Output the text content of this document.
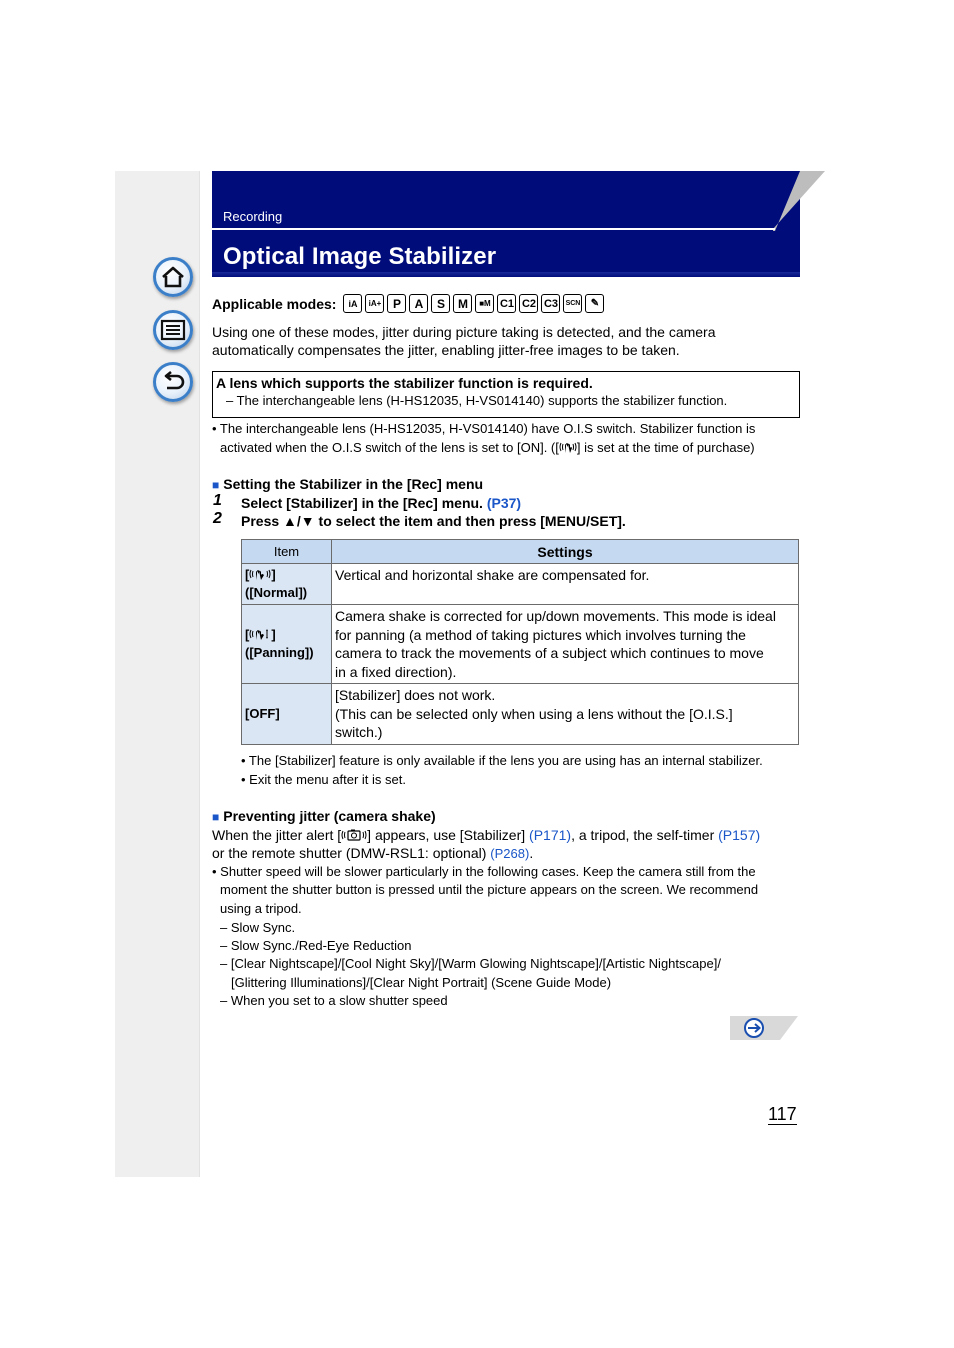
Recording
Optical Image Stabilizer
Applicable modes:	iA	iA+ P	A	S	M	■M C1 C2 C3	SCN	✎
Using one of these modes, jitter during picture taking is detected, and the camera
automatically compensates the jitter, enabling jitter-free images to be taken.
A lens which supports the stabilizer function is required.
– The interchangeable lens (H-HS12035, H-VS014140) supports the stabilizer function.
• The interchangeable lens (H-HS12035, H-VS014140) have O.I.S switch. Stabilizer function is
activated when the O.I.S switch of the lens is set to [ON]. ([ ] is set at the time of purchase)
■ Setting the Stabilizer in the [Rec] menu
1 Select [Stabilizer] in the [Rec] menu. (P37)
2 Press ▲/▼ to select the item and then press [MENU/SET].
Item	Settings
[ ]
([Normal])	Vertical and horizontal shake are compensated for.
[ ]
([Panning])	Camera shake is corrected for up/down movements. This mode is ideal
for panning (a method of taking pictures which involves turning the
camera to track the movements of a subject which continues to move
in a fixed direction).
[OFF]	[Stabilizer] does not work.
(This can be selected only when using a lens without the [O.I.S.]
switch.)
• The [Stabilizer] feature is only available if the lens you are using has an internal stabilizer.
• Exit the menu after it is set.
■ Preventing jitter (camera shake)
When the jitter alert [ ] appears, use [Stabilizer] (P171), a tripod, the self-timer (P157)
or the remote shutter (DMW-RSL1: optional) (P268).
• Shutter speed will be slower particularly in the following cases. Keep the camera still from the
moment the shutter button is pressed until the picture appears on the screen. We recommend
using a tripod.
– Slow Sync.
– Slow Sync./Red-Eye Reduction
– [Clear Nightscape]/[Cool Night Sky]/[Warm Glowing Nightscape]/[Artistic Nightscape]/
[Glittering Illuminations]/[Clear Night Portrait] (Scene Guide Mode)
– When you set to a slow shutter speed
117
